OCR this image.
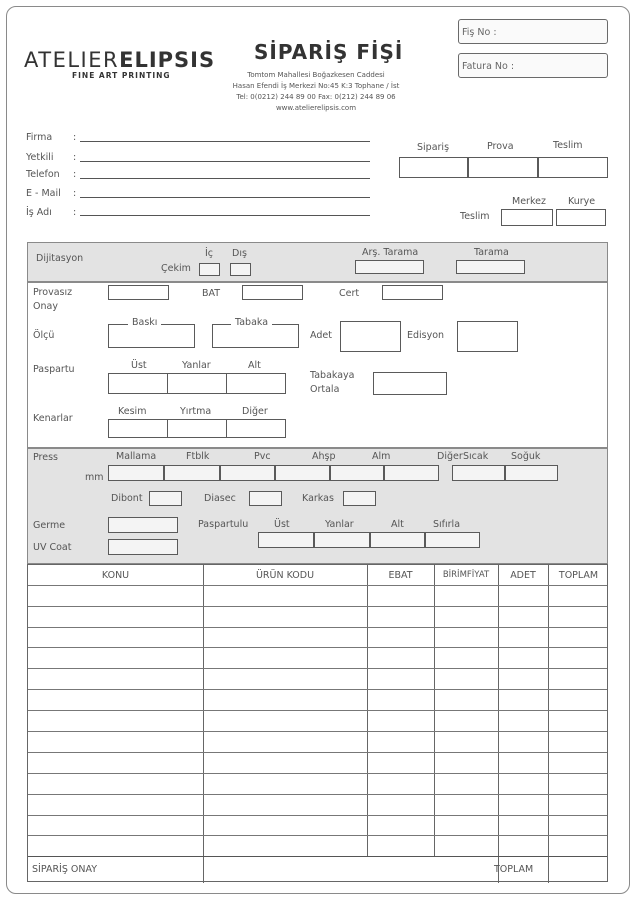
ATELIERELIPSIS
FINE ART PRINTING
SİPARİŞ FİŞİ
Tomtom Mahallesi Boğazkesen Caddesi
Hasan Efendi İş Merkezi No:45 K:3 Tophane / İst
Tel: 0(0212) 244 89 00 Fax: 0(212) 244 89 06
www.atelierelipsis.com
Fiş No :
Fatura No :
Firma
Yetkili
Telefon
E - Mail
İş Adı
:
:
:
:
:
Sipariş	Prova	Teslim
Teslim
Merkez Kurye
Dijitasyon
Çekim
İç Dış	Arş. Tarama	Tarama
Provasız
Onay
BAT	Cert
Ölçü
Baskı	Tabaka
Adet	Edisyon
Paspartu	Üst	Yanlar	Alt
Tabakaya
Ortala
Kenarlar
Kesim	Yırtma	Diğer
Press
mm
Mallama	Ftblk	Pvc	Ahşp	Alm	Diğer Sıcak Soğuk
Dibont	Diasec	Karkas
Germe
UV Coat
Paspartulu	Üst	Yanlar	Alt	Sıfırla
KONU	ÜRÜN KODU	EBAT	BİRİMFİYAT	ADET	TOPLAM
SİPARİŞ ONAY	TOPLAM
